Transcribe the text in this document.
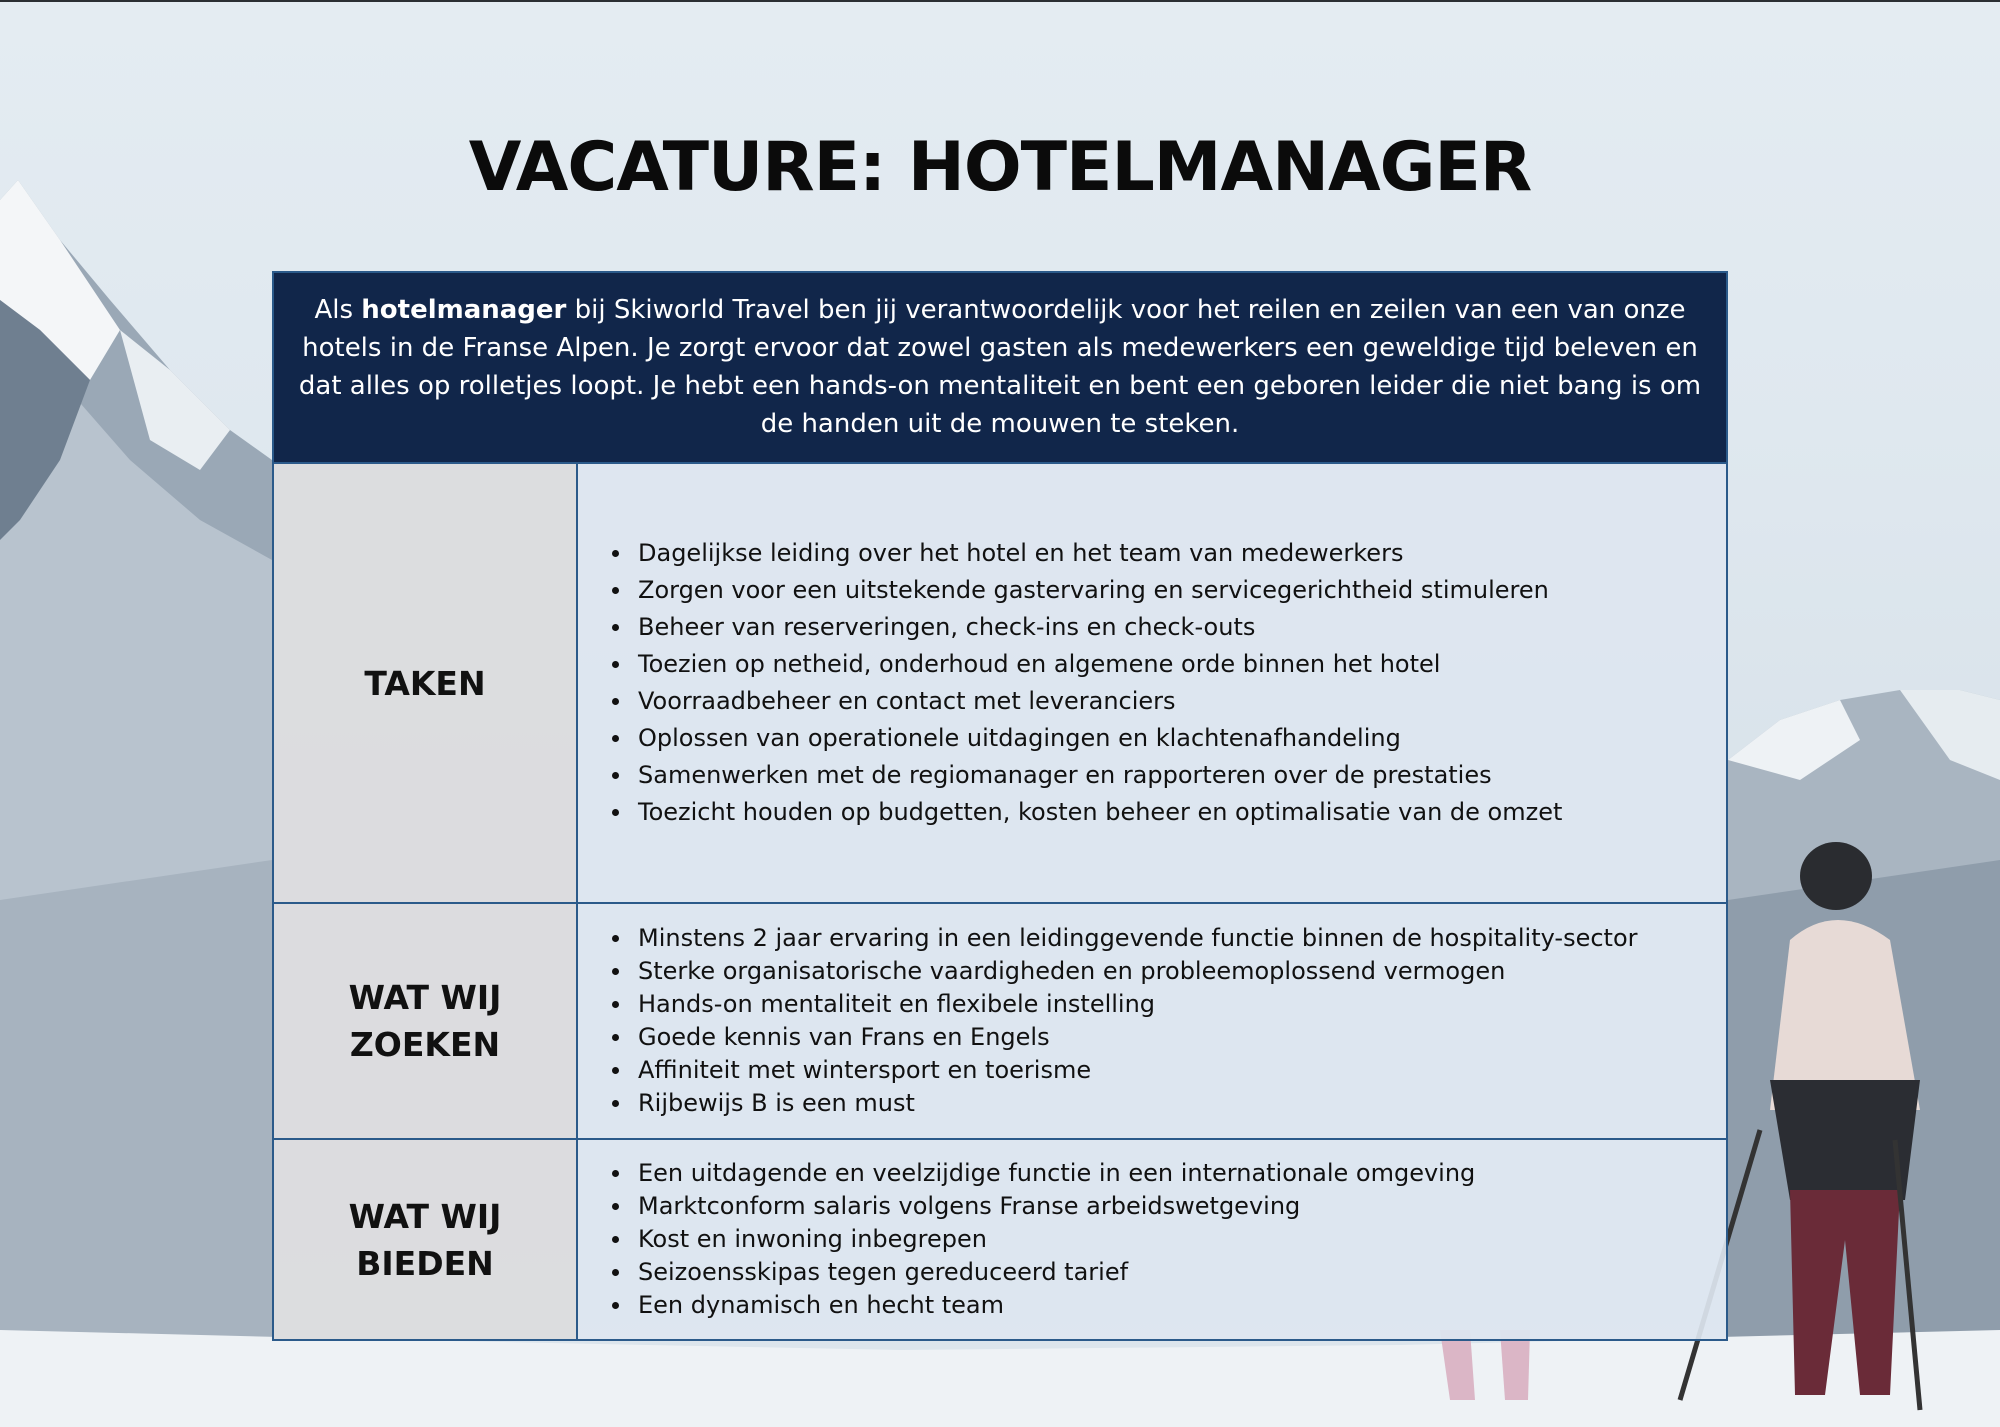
VACATURE: HOTELMANAGER
Als hotelmanager bij Skiworld Travel ben jij verantwoordelijk voor het reilen en zeilen van een van onze hotels in de Franse Alpen. Je zorgt ervoor dat zowel gasten als medewerkers een geweldige tijd beleven en dat alles op rolletjes loopt. Je hebt een hands-on mentaliteit en bent een geboren leider die niet bang is om de handen uit de mouwen te steken.
TAKEN
Dagelijkse leiding over het hotel en het team van medewerkers
Zorgen voor een uitstekende gastervaring en servicegerichtheid stimuleren
Beheer van reserveringen, check-ins en check-outs
Toezien op netheid, onderhoud en algemene orde binnen het hotel
Voorraadbeheer en contact met leveranciers
Oplossen van operationele uitdagingen en klachtenafhandeling
Samenwerken met de regiomanager en rapporteren over de prestaties
Toezicht houden op budgetten, kosten beheer en optimalisatie van de omzet
WAT WIJ
ZOEKEN
Minstens 2 jaar ervaring in een leidinggevende functie binnen de hospitality-sector
Sterke organisatorische vaardigheden en probleemoplossend vermogen
Hands-on mentaliteit en flexibele instelling
Goede kennis van Frans en Engels
Affiniteit met wintersport en toerisme
Rijbewijs B is een must
WAT WIJ
BIEDEN
Een uitdagende en veelzijdige functie in een internationale omgeving
Marktconform salaris volgens Franse arbeidswetgeving
Kost en inwoning inbegrepen
Seizoensskipas tegen gereduceerd tarief
Een dynamisch en hecht team
